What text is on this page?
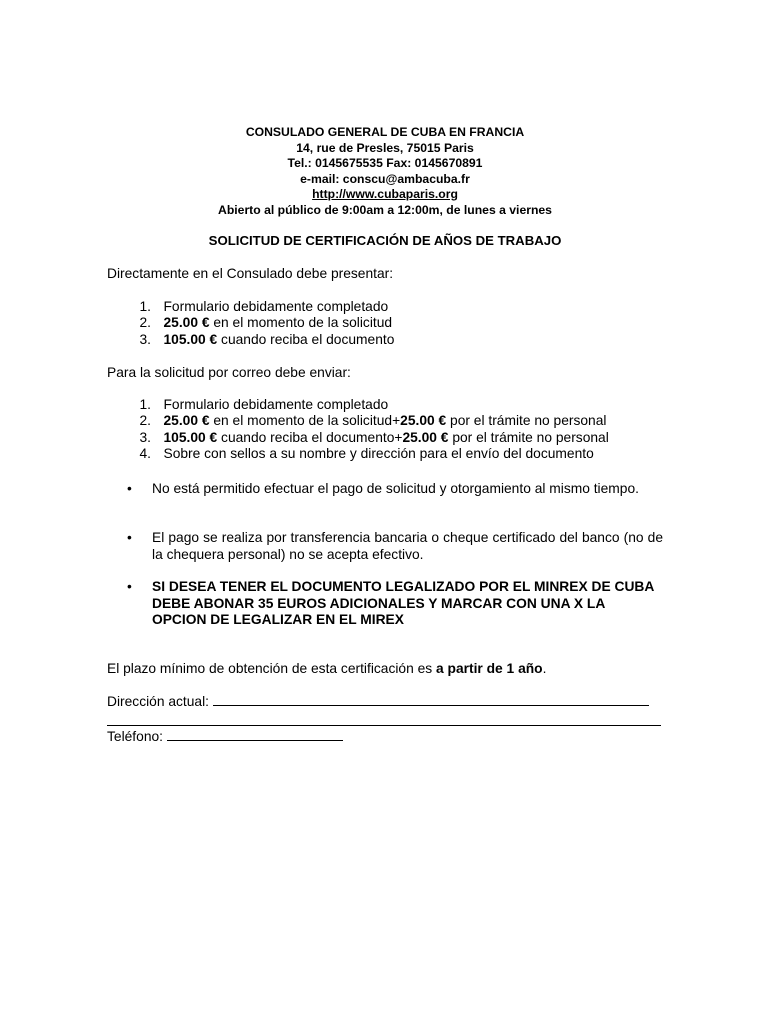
CONSULADO GENERAL DE CUBA EN FRANCIA
14, rue de Presles, 75015 Paris
Tel.: 0145675535 Fax: 0145670891
e-mail: conscu@ambacuba.fr
http://www.cubaparis.org
Abierto al público de 9:00am a 12:00m, de lunes a viernes
SOLICITUD DE CERTIFICACIÓN DE AÑOS DE TRABAJO
Directamente en el Consulado debe presentar:
1. Formulario debidamente completado
2. 25.00 € en el momento de la solicitud
3. 105.00 € cuando reciba el documento
Para la solicitud por correo debe enviar:
1. Formulario debidamente completado
2. 25.00 € en el momento de la solicitud+25.00 € por el trámite no personal
3. 105.00 € cuando reciba el documento+25.00 € por el trámite no personal
4. Sobre con sellos a su nombre y dirección para el envío del documento
•	No está permitido efectuar el pago de solicitud y otorgamiento al mismo tiempo.
•	El pago se realiza por transferencia bancaria o cheque certificado del banco (no de la chequera personal) no se acepta efectivo.
•	SI DESEA TENER EL DOCUMENTO LEGALIZADO POR EL MINREX DE CUBA DEBE ABONAR 35 EUROS ADICIONALES Y MARCAR CON UNA X LA OPCION DE LEGALIZAR EN EL MIREX
El plazo mínimo de obtención de esta certificación es a partir de 1 año.
Dirección actual:
Teléfono:
